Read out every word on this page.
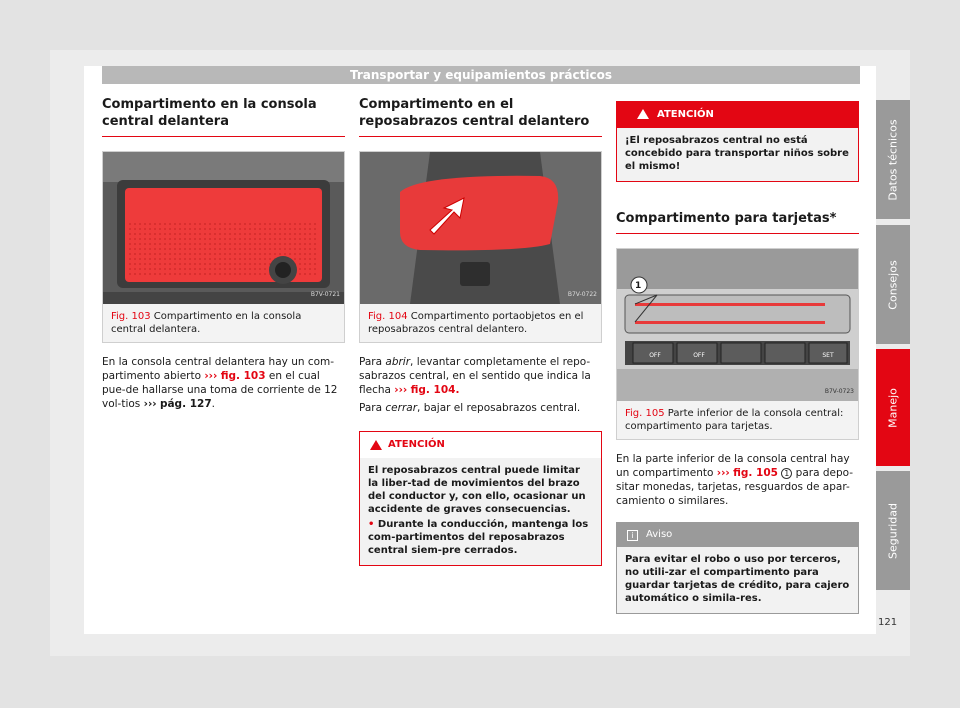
Transportar y equipamientos prácticos
Compartimento en la consola central delantera
B7V-0721
Fig. 103 Compartimento en la consola central delantera.

En la consola central delantera hay un com-partimento abierto ››› fig. 103 en el cual pue-de hallarse una toma de corriente de 12 vol-tios ››› pág. 127.

Compartimento en el reposabrazos central delantero
B7V-0722
Fig. 104 Compartimento portaobjetos en el reposabrazos central delantero.

Para abrir, levantar completamente el repo-sabrazos central, en el sentido que indica la flecha ››› fig. 104.

Para cerrar, bajar el reposabrazos central.

ATENCIÓN
El reposabrazos central puede limitar la liber-tad de movimientos del brazo del conductor y, con ello, ocasionar un accidente de graves consecuencias.
• Durante la conducción, mantenga los com-partimentos del reposabrazos central siem-pre cerrados.
ATENCIÓN
¡El reposabrazos central no está concebido para transportar niños sobre el mismo!
Compartimento para tarjetas*
1
OFF	OFF	SET
B7V-0723
Fig. 105 Parte inferior de la consola central: compartimento para tarjetas.

En la parte inferior de la consola central hay un compartimento ››› fig. 105 1 para depo-sitar monedas, tarjetas, resguardos de apar-camiento o similares.

i	Aviso
Para evitar el robo o uso por terceros, no utili-zar el compartimento para guardar tarjetas de crédito, para cajero automático o simila-res.
Datos técnicos
Consejos
Manejo
Seguridad
121
